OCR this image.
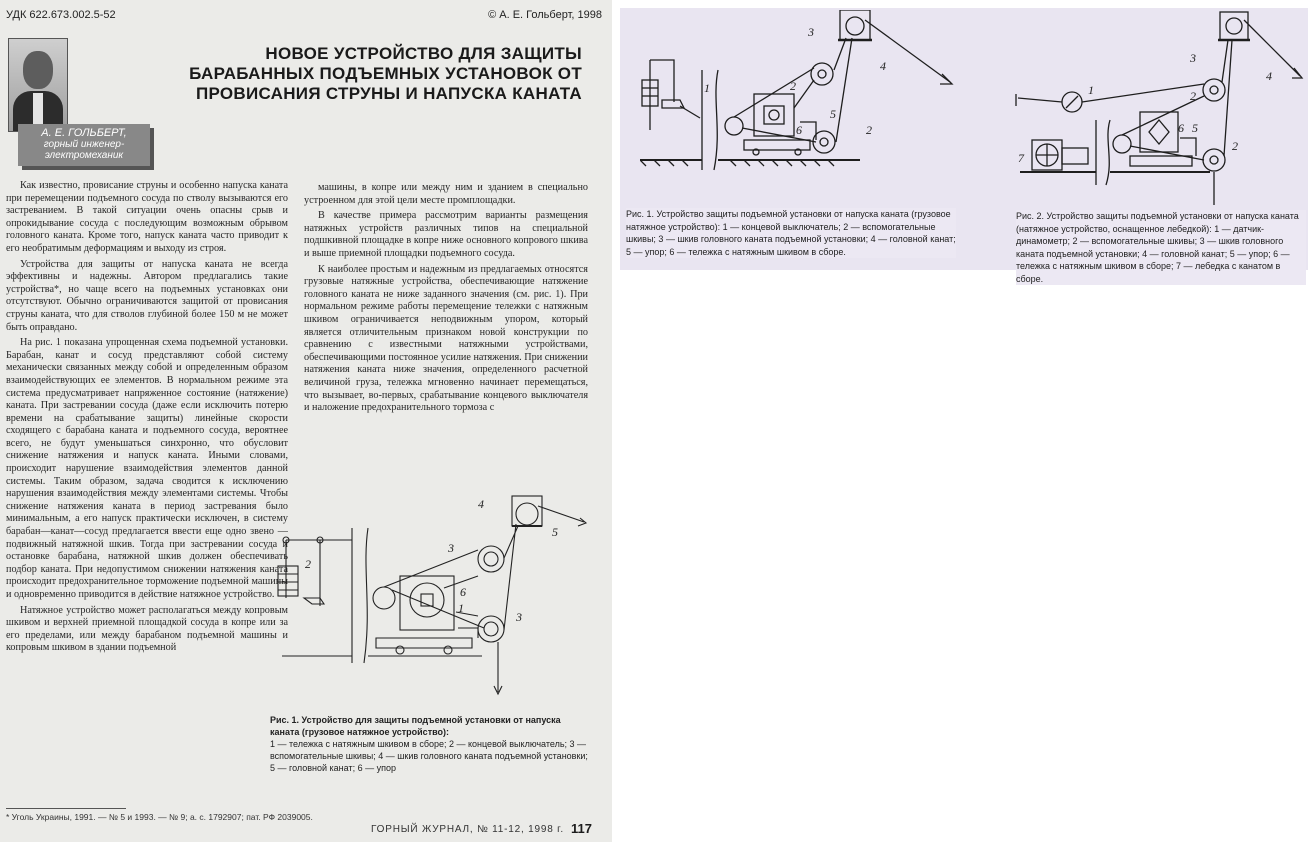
УДК 622.673.002.5-52	© А. Е. Гольберт, 1998
А. Е. ГОЛЬБЕРТ,
горный инженер-электромеханик
НОВОЕ УСТРОЙСТВО ДЛЯ ЗАЩИТЫ БАРАБАННЫХ ПОДЪЕМНЫХ УСТАНОВОК ОТ ПРОВИСАНИЯ СТРУНЫ И НАПУСКА КАНАТА

Как известно, провисание струны и особенно напуска каната при перемещении подъемного сосуда по стволу вызываются его застреванием. В такой ситуации очень опасны срыв и опрокидывание сосуда с последующим возможным обрывом головного каната. Кроме того, напуск каната часто приводит к его необратимым деформациям и выходу из строя.

Устройства для защиты от напуска каната не всегда эффективны и надежны. Автором предлагались такие устройства*, но чаще всего на подъемных установках они отсутствуют. Обычно ограничиваются защитой от провисания струны каната, что для стволов глубиной более 150 м не может быть оправдано.

На рис. 1 показана упрощенная схема подъемной установки. Барабан, канат и сосуд представляют собой систему механически связанных между собой и определенным образом взаимодействующих ее элементов. В нормальном режиме эта система предусматривает напряженное состояние (натяжение) каната. При застревании сосуда (даже если исключить потерю времени на срабатывание защиты) линейные скорости сходящего с барабана каната и подъемного сосуда, вероятнее всего, не будут уменьшаться синхронно, что обусловит снижение натяжения и напуск каната. Иными словами, происходит нарушение взаимодействия элементов данной системы. Таким образом, задача сводится к исключению нарушения взаимодействия между элементами системы. Чтобы снижение натяжения каната в период застревания было минимальным, а его напуск практически исключен, в систему барабан—канат—сосуд предлагается ввести еще одно звено — подвижный натяжной шкив. Тогда при застревании сосуда и остановке барабана, натяжной шкив должен обеспечивать подбор каната. При недопустимом снижении натяжения каната происходит предохранительное торможение подъемной машины и одновременно приводится в действие натяжное устройство.

Натяжное устройство может располагаться между копровым шкивом и верхней приемной площадкой сосуда в копре или за его пределами, или между барабаном подъемной машины и копровым шкивом в здании подъемной

машины, в копре или между ним и зданием в специально устроенном для этой цели месте промплощадки.

В качестве примера рассмотрим варианты размещения натяжных устройств различных типов на специальной подшкивной площадке в копре ниже основного копрового шкива и выше приемной площадки подъемного сосуда.

К наиболее простым и надежным из предлагаемых относятся грузовые натяжные устройства, обеспечивающие натяжение головного каната не ниже заданного значения (см. рис. 1). При нормальном режиме работы перемещение тележки с натяжным шкивом ограничивается неподвижным упором, который является отличительным признаком новой конструкции по сравнению с известными натяжными устройствами, обеспечивающими постоянное усилие натяжения. При снижении натяжения каната ниже значения, определенного расчетной величиной груза, тележка мгновенно начинает перемещаться, что вызывает, во-первых, срабатывание концевого выключателя и наложение предохранительного тормоза с

2
1
3
3
4
5
6
Рис. 1. Устройство для защиты подъемной установки от напуска каната (грузовое натяжное устройство):
1 — тележка с натяжным шкивом в сборе; 2 — концевой выключатель; 3 — вспомогательные шкивы; 4 — шкив головного каната подъемной установки; 5 — головной канат; 6 — упор
* Уголь Украины, 1991. — № 5 и 1993. — № 9; а. с. 1792907; пат. РФ 2039005.
ГОРНЫЙ ЖУРНАЛ, № 11-12, 1998 г. 117
1	2
2
3
4
5
6
1	2
2
3
4
5
6
7
Рис. 1. Устройство защиты подъемной установки от напуска каната (грузовое натяжное устройство): 1 — концевой выключатель; 2 — вспомогательные шкивы; 3 — шкив головного каната подъемной установки; 4 — головной канат; 5 — упор; 6 — тележка с натяжным шкивом в сборе.
Рис. 2. Устройство защиты подъемной установки от напуска каната (натяжное устройство, оснащенное лебедкой): 1 — датчик-динамометр; 2 — вспомогательные шкивы; 3 — шкив головного каната подъемной установки; 4 — головной канат; 5 — упор; 6 — тележка с натяжным шкивом в сборе; 7 — лебедка с канатом в сборе.
